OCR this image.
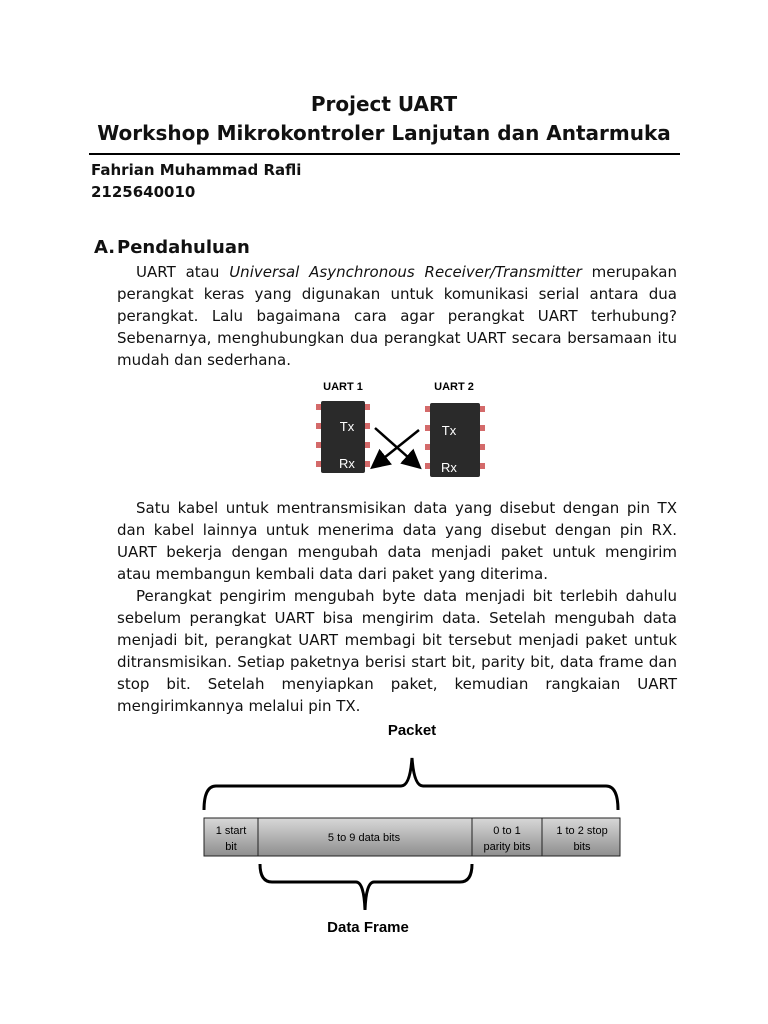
Project UART
Workshop Mikrokontroler Lanjutan dan Antarmuka

Fahrian Muhammad Rafli

2125640010

A. Pendahuluan

UART atau Universal Asynchronous Receiver/Transmitter merupakan perangkat keras yang digunakan untuk komunikasi serial antara dua perangkat. Lalu bagaimana cara agar perangkat UART terhubung? Sebenarnya, menghubungkan dua perangkat UART secara bersamaan itu mudah dan sederhana.

UART 1	UART 2
Tx
Rx
Tx
Rx

Satu kabel untuk mentransmisikan data yang disebut dengan pin TX dan kabel lainnya untuk menerima data yang disebut dengan pin RX. UART bekerja dengan mengubah data menjadi paket untuk mengirim atau membangun kembali data dari paket yang diterima.

Perangkat pengirim mengubah byte data menjadi bit terlebih dahulu sebelum perangkat UART bisa mengirim data. Setelah mengubah data menjadi bit, perangkat UART membagi bit tersebut menjadi paket untuk ditransmisikan. Setiap paketnya berisi start bit, parity bit, data frame dan stop bit. Setelah menyiapkan paket, kemudian rangkaian UART mengirimkannya melalui pin TX.

Packet
1 start
bit
5 to 9 data bits
0 to 1
parity bits
1 to 2 stop
bits
Data Frame
